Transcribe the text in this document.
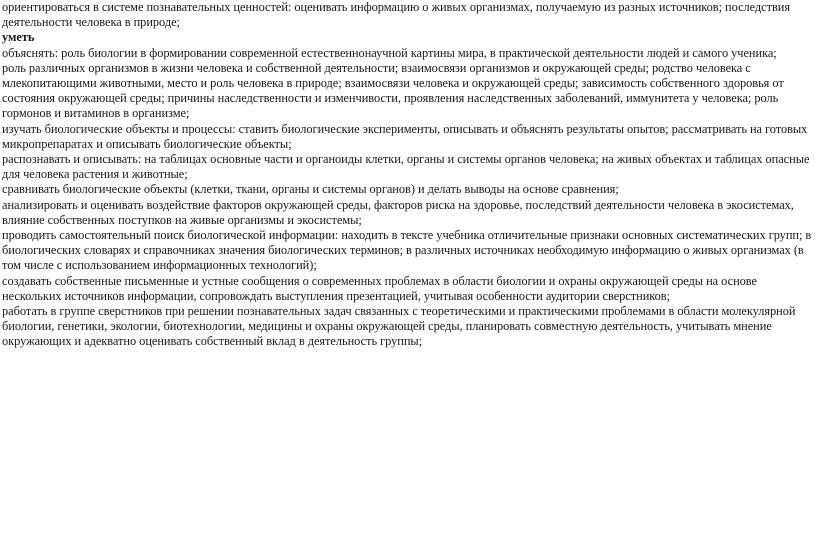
ориентироваться в системе познавательных ценностей: оценивать информацию о живых организмах, получаемую из разных источников; последствия деятельности человека в природе;

уметь

объяснять: роль биологии в формировании современной естественнонаучной картины мира, в практической деятельности людей и самого ученика;

роль различных организмов в жизни человека и собственной деятельности; взаимосвязи организмов и окружающей среды; родство человека с млекопитающими животными, место и роль человека в природе; взаимосвязи человека и окружающей среды; зависимость собственного здоровья от состояния окружающей среды; причины наследственности и изменчивости, проявления наследственных заболеваний, иммунитета у человека; роль гормонов и витаминов в организме;

изучать биологические объекты и процессы: ставить биологические эксперименты, описывать и объяснять результаты опытов; рассматривать на готовых микропрепаратах и описывать биологические объекты;

распознавать и описывать: на таблицах основные части и органоиды клетки, органы и системы органов человека; на живых объектах и таблицах опасные для человека растения и животные;

сравнивать биологические объекты (клетки, ткани, органы и системы органов) и делать выводы на основе сравнения;

анализировать и оценивать воздействие факторов окружающей среды, факторов риска на здоровье, последствий деятельности человека в экосистемах, влияние собственных поступков на живые организмы и экосистемы;

проводить самостоятельный поиск биологической информации: находить в тексте учебника отличительные признаки основных систематических групп; в биологических словарях и справочниках значения биологических терминов; в различных источниках необходимую информацию о живых организмах (в том числе с использованием информационных технологий);

создавать собственные письменные и устные сообщения о современных проблемах в области биологии и охраны окружающей среды на основе нескольких источников информации, сопровождать выступления презентацией, учитывая особенности аудитории сверстников;

работать в группе сверстников при решении познавательных задач связанных с теоретическими и практическими проблемами в области молекулярной биологии, генетики, экологии, биотехнологии, медицины и охраны окружающей среды, планировать совместную деятельность, учитывать мнение окружающих и адекватно оценивать собственный вклад в деятельность группы;
